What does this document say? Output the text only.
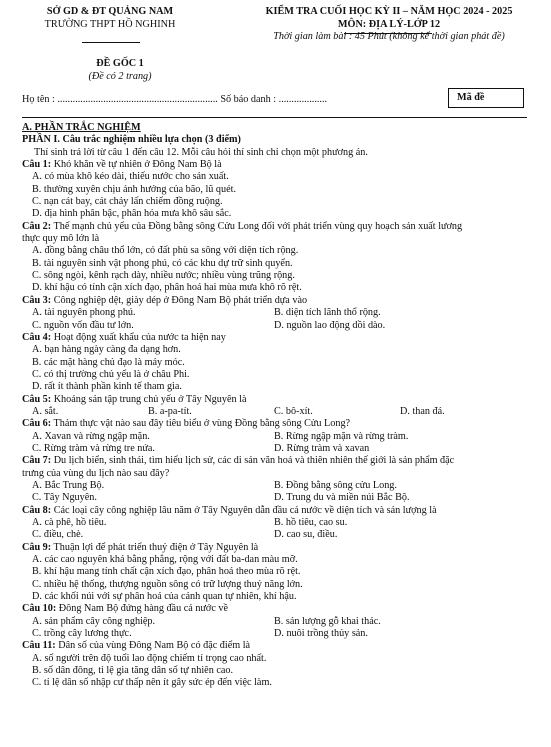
SỞ GD & ĐT QUẢNG NAM
TRƯỜNG THPT HỒ NGHINH
KIỂM TRA CUỐI HỌC KỲ II – NĂM HỌC 2024 - 2025
MÔN: ĐỊA LÝ-LỚP 12
Thời gian làm bài : 45 Phút (không kể thời gian phát đề)
ĐỀ GỐC 1
(Đề có 2 trang)
Họ tên : ............................................................... Số báo danh : ...................	Mã đề
A. PHẦN TRẮC NGHIỆM
PHẦN I. Câu trắc nghiệm nhiều lựa chọn (3 điểm)
Thí sinh trả lời từ câu 1 đến câu 12. Mỗi câu hỏi thí sinh chỉ chọn một phương án.
Câu 1: Khó khăn về tự nhiên ở Đông Nam Bộ là
A. có mùa khô kéo dài, thiếu nước cho sản xuất.
B. thường xuyên chịu ảnh hưởng của bão, lũ quét.
C. nạn cát bay, cát chảy lấn chiếm đồng ruộng.
D. địa hình phân bậc, phân hóa mưa khô sâu sắc.
Câu 2: Thế mạnh chủ yếu của Đồng bằng sông Cửu Long đối với phát triển vùng quy hoạch sản xuất lương
thực quy mô lớn là
A. đồng bằng châu thổ lớn, có đất phù sa sông với diện tích rộng.
B. tài nguyên sinh vật phong phú, có các khu dự trữ sinh quyển.
C. sông ngòi, kênh rạch dày, nhiều nước; nhiều vùng trũng rộng.
D. khí hậu có tính cận xích đạo, phân hoá hai mùa mưa khô rõ rệt.
Câu 3: Công nghiệp dệt, giày dép ở Đông Nam Bộ phát triển dựa vào
A. tài nguyên phong phú.	B. diện tích lãnh thổ rộng.
C. nguồn vốn đầu tư lớn.	D. nguồn lao động dồi dào.
Câu 4: Hoạt động xuất khẩu của nước ta hiện nay
A. bạn hàng ngày càng đa dạng hơn.
B. các mặt hàng chủ đạo là máy móc.
C. có thị trường chủ yếu là ở châu Phi.
D. rất ít thành phần kinh tế tham gia.
Câu 5: Khoáng sản tập trung chủ yếu ở Tây Nguyên là
A. sắt.	B. a-pa-tít.	C. bô-xít.	D. than đá.
Câu 6: Thảm thực vật nào sau đây tiêu biểu ở vùng Đồng bằng sông Cửu Long?
A. Xavan và rừng ngập mặn.	B. Rừng ngập mặn và rừng tràm.
C. Rừng tràm và rừng tre nứa.	D. Rừng tràm và xavan
Câu 7: Du lịch biển, sinh thái, tìm hiểu lịch sử, các di sản văn hoá và thiên nhiên thế giới là sản phẩm đặc
trưng của vùng du lịch nào sau đây?
A. Bắc Trung Bộ.	B. Đồng bằng sông cửu Long.
C. Tây Nguyên.	D. Trung du và miền núi Bắc Bộ.
Câu 8: Các loại cây công nghiệp lâu năm ở Tây Nguyên dẫn đầu cả nước về diện tích và sản lượng là
A. cà phê, hồ tiêu.	B. hồ tiêu, cao su.
C. điều, chè.	D. cao su, điều.
Câu 9: Thuận lợi để phát triển thuỷ điện ở Tây Nguyên là
A. các cao nguyên khá bằng phẳng, rộng với đất ba-dan màu mỡ.
B. khí hậu mang tính chất cận xích đạo, phân hoá theo mùa rõ rệt.
C. nhiều hệ thống, thượng nguồn sông có trữ lượng thuỷ năng lớn.
D. các khối núi với sự phân hoá của cảnh quan tự nhiên, khí hậu.
Câu 10: Đông Nam Bộ đứng hàng đầu cả nước về
A. sản phẩm cây công nghiệp.	B. sản lượng gỗ khai thác.
C. trồng cây lương thực.	D. nuôi trồng thủy sản.
Câu 11: Dân số của vùng Đông Nam Bộ có đặc điểm là
A. số người trên độ tuổi lao động chiếm tỉ trọng cao nhất.
B. số dân đông, tỉ lệ gia tăng dân số tự nhiên cao.
C. tỉ lệ dân số nhập cư thấp nên ít gây sức ép đến việc làm.
